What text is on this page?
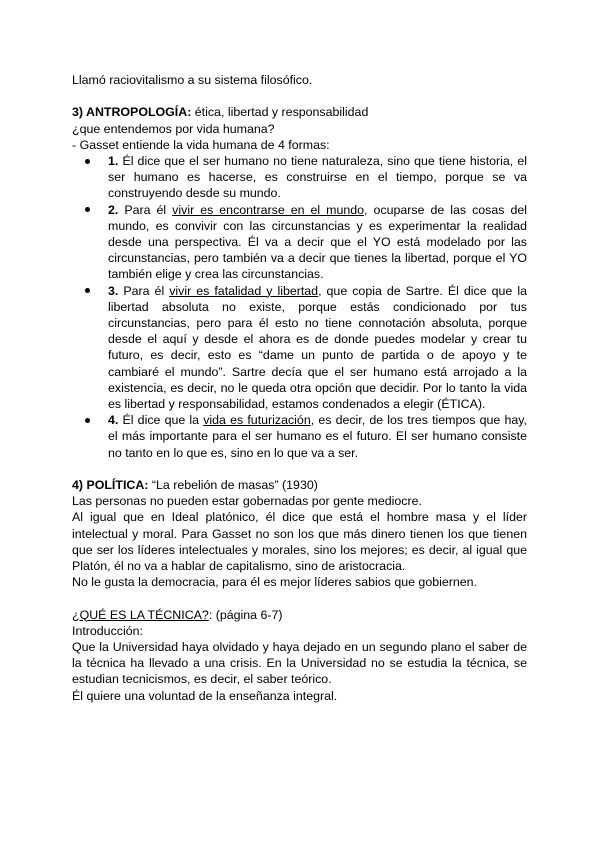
Llamó raciovitalismo a su sistema filosófico.

3) ANTROPOLOGÍA: ética, libertad y responsabilidad

¿que entendemos por vida humana?

- Gasset entiende la vida humana de 4 formas:

1. Él dice que el ser humano no tiene naturaleza, sino que tiene historia, el ser humano es hacerse, es construirse en el tiempo, porque se va construyendo desde su mundo.
2. Para él vivir es encontrarse en el mundo, ocuparse de las cosas del mundo, es convivir con las circunstancias y es experimentar la realidad desde una perspectiva. Él va a decir que el YO está modelado por las circunstancias, pero también va a decir que tienes la libertad, porque el YO también elige y crea las circunstancias.
3. Para él vivir es fatalidad y libertad, que copia de Sartre. Él dice que la libertad absoluta no existe, porque estás condicionado por tus circunstancias, pero para él esto no tiene connotación absoluta, porque desde el aquí y desde el ahora es de donde puedes modelar y crear tu futuro, es decir, esto es “dame un punto de partida o de apoyo y te cambiaré el mundo”. Sartre decía que el ser humano está arrojado a la existencia, es decir, no le queda otra opción que decidir. Por lo tanto la vida es libertad y responsabilidad, estamos condenados a elegir (ÉTICA).
4. Él dice que la vida es futurización, es decir, de los tres tiempos que hay, el más importante para el ser humano es el futuro. El ser humano consiste no tanto en lo que es, sino en lo que va a ser.

4) POLÍTICA: “La rebelión de masas” (1930)

Las personas no pueden estar gobernadas por gente mediocre.

Al igual que en Ideal platónico, él dice que está el hombre masa y el líder intelectual y moral. Para Gasset no son los que más dinero tienen los que tienen que ser los líderes intelectuales y morales, sino los mejores; es decir, al igual que Platón, él no va a hablar de capitalismo, sino de aristocracia.

No le gusta la democracia, para él es mejor líderes sabios que gobiernen.

¿QUÉ ES LA TÉCNICA?: (página 6-7)

Introducción:

Que la Universidad haya olvidado y haya dejado en un segundo plano el saber de la técnica ha llevado a una crisis. En la Universidad no se estudia la técnica, se estudian tecnicismos, es decir, el saber teórico.

Él quiere una voluntad de la enseñanza integral.
